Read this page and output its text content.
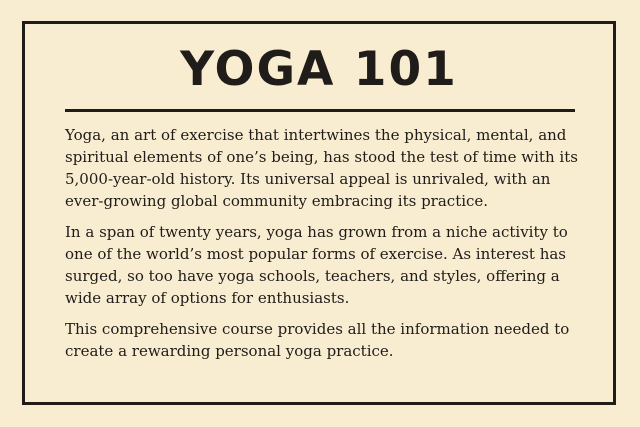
YOGA 101

Yoga, an art of exercise that intertwines the physical, mental, and spiritual elements of one’s being, has stood the test of time with its 5,000-year-old history. Its universal appeal is unrivaled, with an ever-growing global community embracing its practice.

In a span of twenty years, yoga has grown from a niche activity to one of the world’s most popular forms of exercise. As interest has surged, so too have yoga schools, teachers, and styles, offering a wide array of options for enthusiasts.

This comprehensive course provides all the information needed to create a rewarding personal yoga practice.
